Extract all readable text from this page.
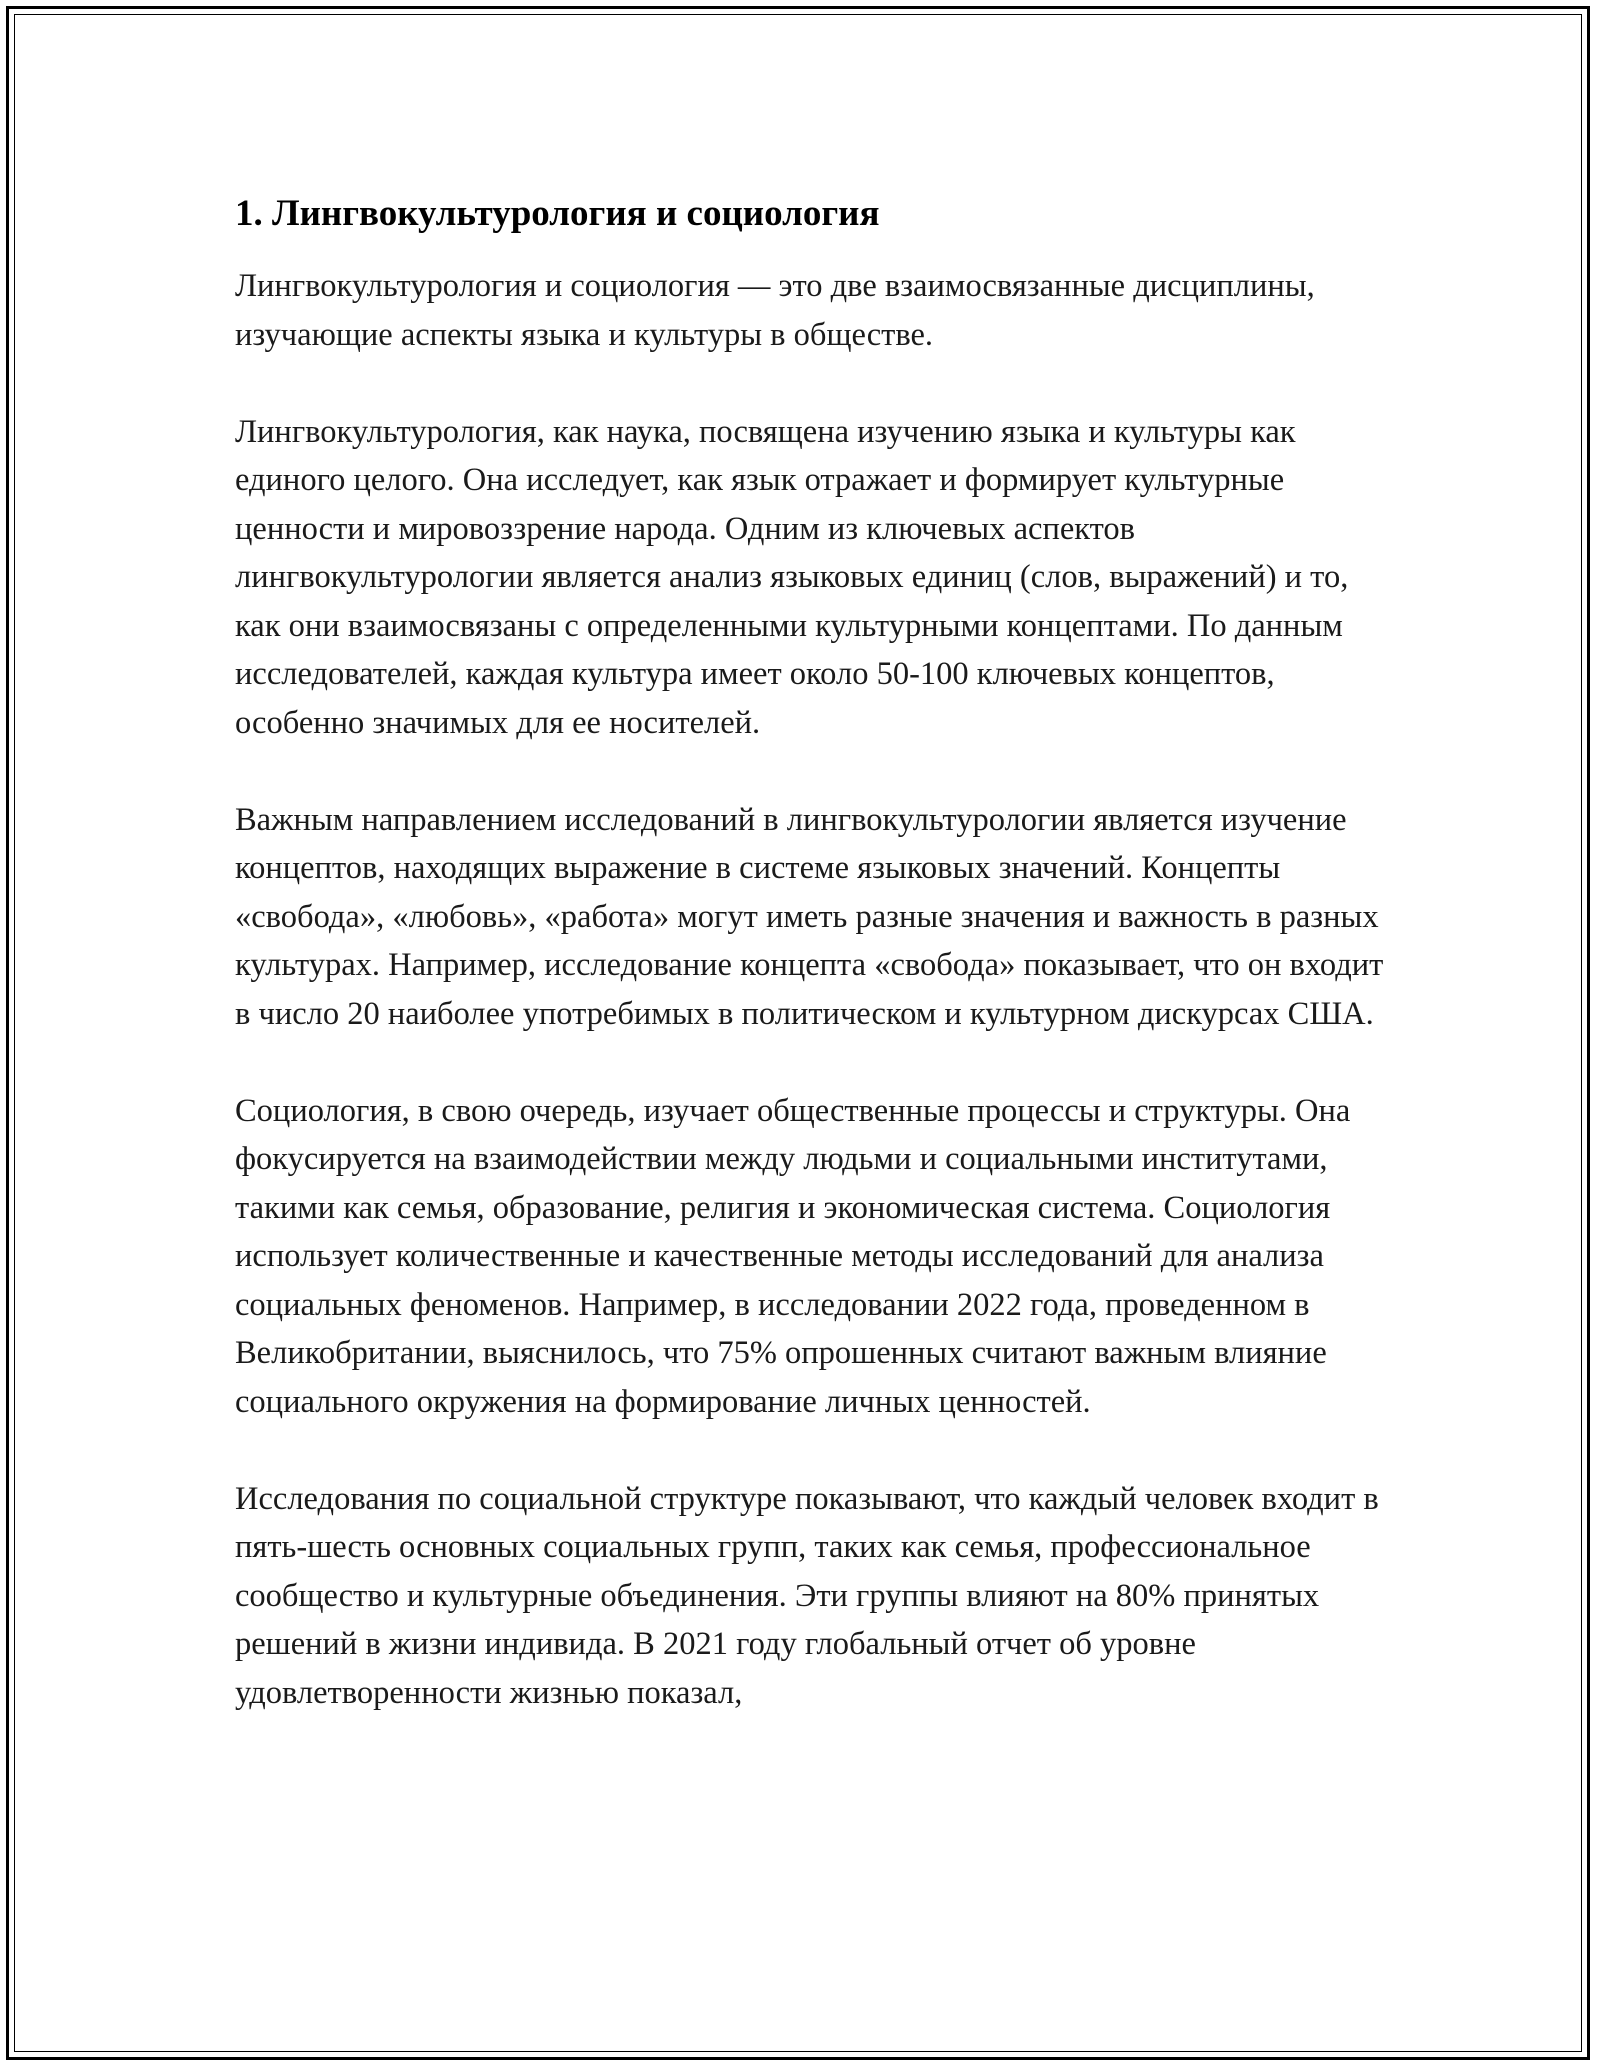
1. Лингвокультурология и социология

Лингвокультурология и социология — это две взаимосвязанные дисциплины, изучающие аспекты языка и культуры в обществе.

Лингвокультурология, как наука, посвящена изучению языка и культуры как единого целого. Она исследует, как язык отражает и формирует культурные ценности и мировоззрение народа. Одним из ключевых аспектов лингвокультурологии является анализ языковых единиц (слов, выражений) и то, как они взаимосвязаны с определенными культурными концептами. По данным исследователей, каждая культура имеет около 50-100 ключевых концептов, особенно значимых для ее носителей.

Важным направлением исследований в лингвокультурологии является изучение концептов, находящих выражение в системе языковых значений. Концепты «свобода», «любовь», «работа» могут иметь разные значения и важность в разных культурах. Например, исследование концепта «свобода» показывает, что он входит в число 20 наиболее употребимых в политическом и культурном дискурсах США.

Социология, в свою очередь, изучает общественные процессы и структуры. Она фокусируется на взаимодействии между людьми и социальными институтами, такими как семья, образование, религия и экономическая система. Социология использует количественные и качественные методы исследований для анализа социальных феноменов. Например, в исследовании 2022 года, проведенном в Великобритании, выяснилось, что 75% опрошенных считают важным влияние социального окружения на формирование личных ценностей.

Исследования по социальной структуре показывают, что каждый человек входит в пять-шесть основных социальных групп, таких как семья, профессиональное сообщество и культурные объединения. Эти группы влияют на 80% принятых решений в жизни индивида. В 2021 году глобальный отчет об уровне удовлетворенности жизнью показал,
